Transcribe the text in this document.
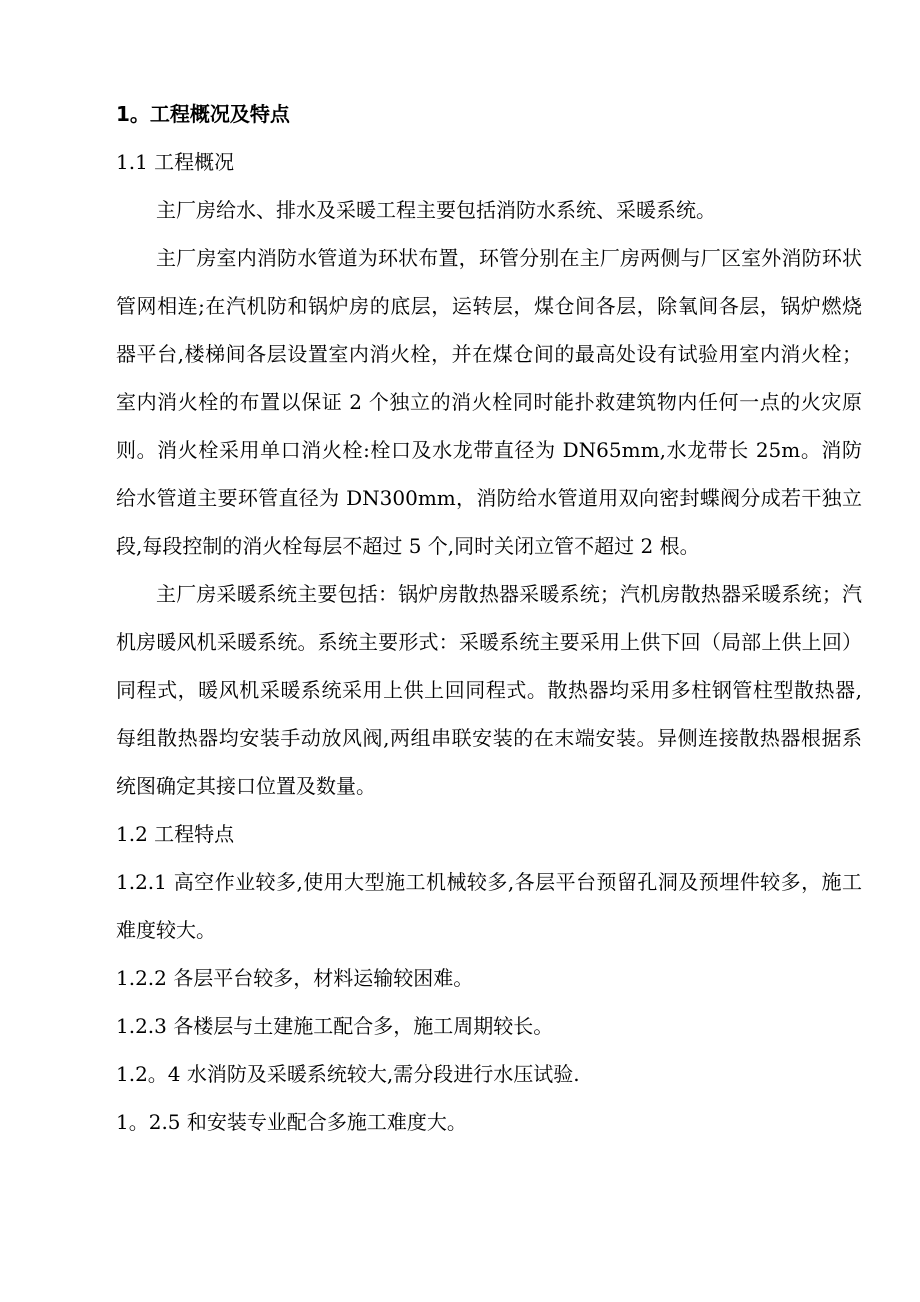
1。工程概况及特点

1.1 工程概况

主厂房给水、排水及采暖工程主要包括消防水系统、采暖系统。

主厂房室内消防水管道为环状布置，环管分别在主厂房两侧与厂区室外消防环状管网相连;在汽机防和锅炉房的底层，运转层，煤仓间各层，除氧间各层，锅炉燃烧器平台,楼梯间各层设置室内消火栓，并在煤仓间的最高处设有试验用室内消火栓；室内消火栓的布置以保证 2 个独立的消火栓同时能扑救建筑物内任何一点的火灾原则。消火栓采用单口消火栓:栓口及水龙带直径为 DN65mm,水龙带长 25m。消防给水管道主要环管直径为 DN300mm，消防给水管道用双向密封蝶阀分成若干独立段,每段控制的消火栓每层不超过 5 个,同时关闭立管不超过 2 根。

主厂房采暖系统主要包括：锅炉房散热器采暖系统；汽机房散热器采暖系统；汽机房暖风机采暖系统。系统主要形式：采暖系统主要采用上供下回（局部上供上回）同程式，暖风机采暖系统采用上供上回同程式。散热器均采用多柱钢管柱型散热器,每组散热器均安装手动放风阀,两组串联安装的在末端安装。异侧连接散热器根据系统图确定其接口位置及数量。

1.2 工程特点

1.2.1 高空作业较多,使用大型施工机械较多,各层平台预留孔洞及预埋件较多，施工难度较大。

1.2.2 各层平台较多，材料运输较困难。

1.2.3 各楼层与土建施工配合多，施工周期较长。

1.2。4 水消防及采暖系统较大,需分段进行水压试验.

1。2.5 和安装专业配合多施工难度大。
